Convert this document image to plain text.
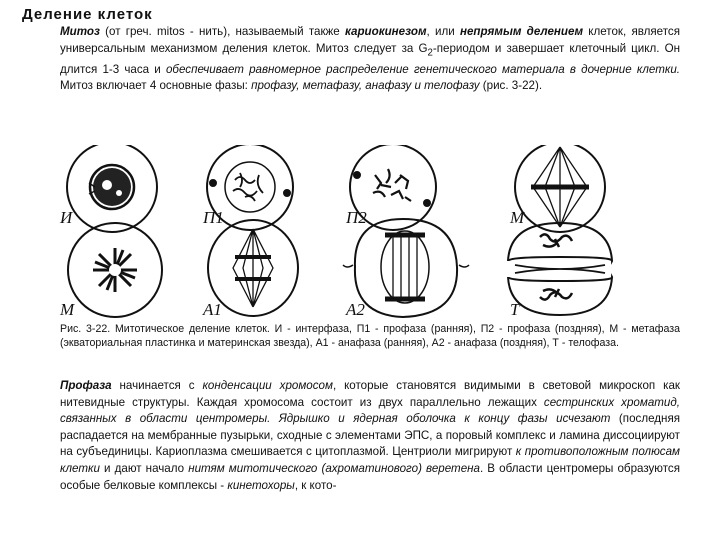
Деление клеток
Митоз (от греч. mitos - нить), называемый также кариокинезом, или непрямым делением клеток, является универсальным механизмом деления клеток. Митоз следует за $G_2$-периодом и завершает клеточный цикл. Он длится 1-3 часа и обеспечивает равномерное распределение генетического материала в дочерние клетки. Митоз включает 4 основные фазы: профазу, метафазу, анафазу и телофазу (рис. 3-22).
И	П1	П2	М
М	А1	А2	Т
Рис. 3-22. Митотическое деление клеток. И - интерфаза, П1 - профаза (ранняя), П2 - профаза (поздняя), М - метафаза (экваториальная пластинка и материнская звезда), А1 - анафаза (ранняя), А2 - анафаза (поздняя), Т - телофаза.
Профаза начинается с конденсации хромосом, которые становятся видимыми в световой микроскоп как нитевидные структуры. Каждая хромосома состоит из двух параллельно лежащих сестринских хроматид, связанных в области центромеры. Ядрышко и ядерная оболочка к концу фазы исчезают (последняя распадается на мембранные пузырьки, сходные с элементами ЭПС, а поровый комплекс и ламина диссоциируют на субъединицы. Кариоплазма смешивается с цитоплазмой. Центриоли мигрируют к противоположным полюсам клетки и дают начало нитям митотического (ахроматинового) веретена. В области центромеры образуются особые белковые комплексы - кинетохоры, к кото-
